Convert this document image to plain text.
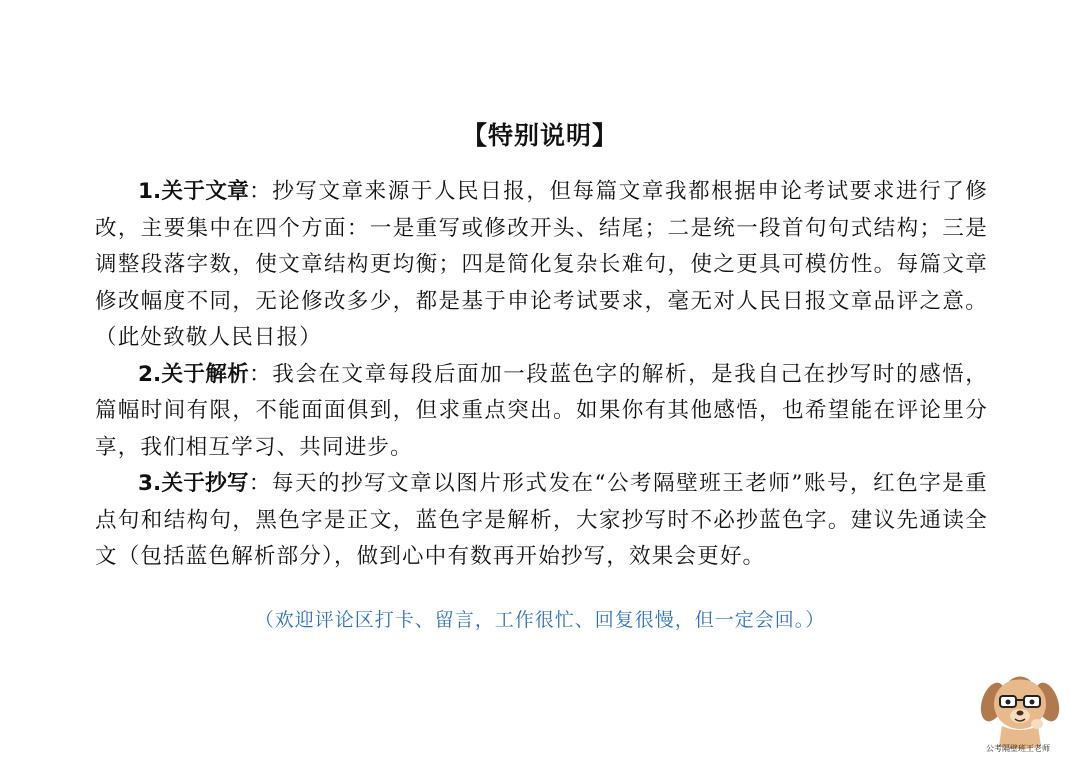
【特别说明】

1.关于文章：抄写文章来源于人民日报，但每篇文章我都根据申论考试要求进行了修改，主要集中在四个方面：一是重写或修改开头、结尾；二是统一段首句句式结构；三是调整段落字数，使文章结构更均衡；四是简化复杂长难句，使之更具可模仿性。每篇文章修改幅度不同，无论修改多少，都是基于申论考试要求，毫无对人民日报文章品评之意。（此处致敬人民日报）

2.关于解析：我会在文章每段后面加一段蓝色字的解析，是我自己在抄写时的感悟，篇幅时间有限，不能面面俱到，但求重点突出。如果你有其他感悟，也希望能在评论里分享，我们相互学习、共同进步。

3.关于抄写：每天的抄写文章以图片形式发在“公考隔壁班王老师”账号，红色字是重点句和结构句，黑色字是正文，蓝色字是解析，大家抄写时不必抄蓝色字。建议先通读全文（包括蓝色解析部分），做到心中有数再开始抄写，效果会更好。

（欢迎评论区打卡、留言，工作很忙、回复很慢，但一定会回。）
公考隔壁班王老师
